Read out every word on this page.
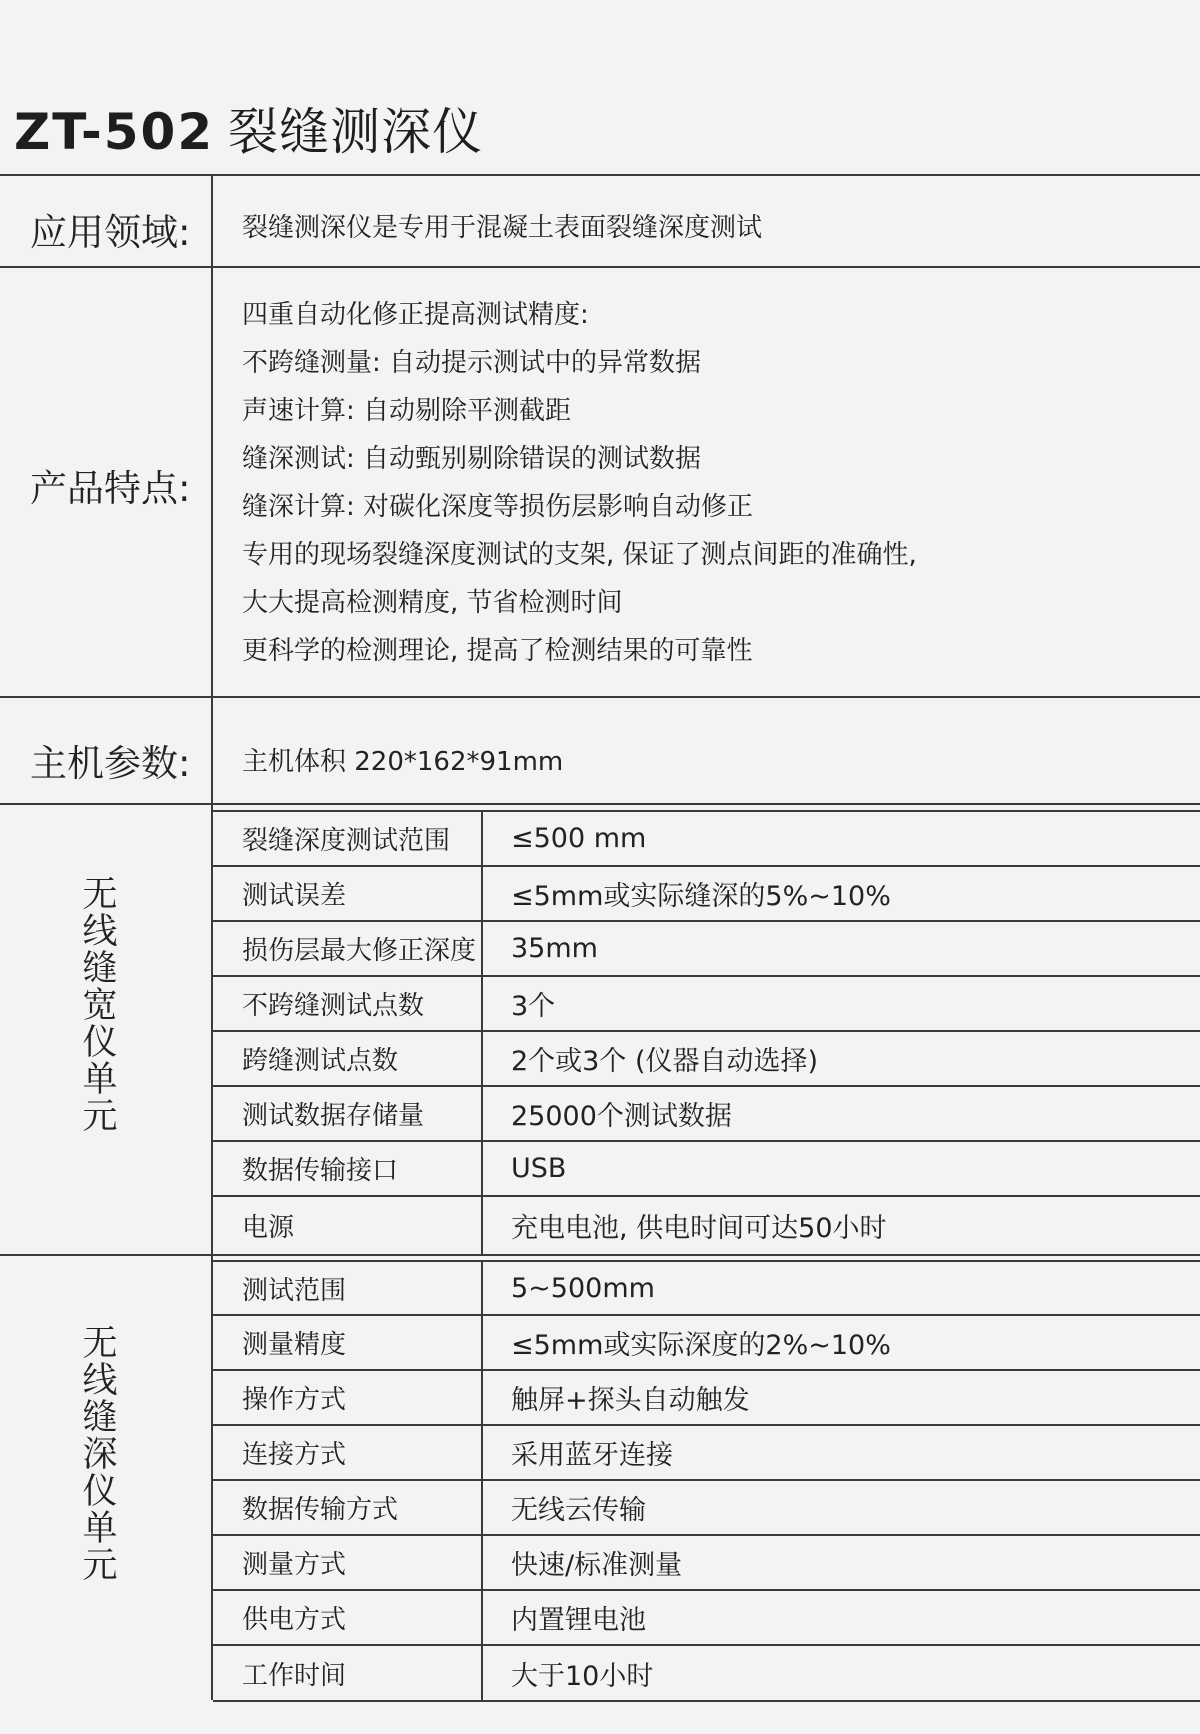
ZT-502 裂缝测深仪
应用领域: 裂缝测深仪是专用于混凝土表面裂缝深度测试
产品特点:
四重自动化修正提高测试精度:
不跨缝测量: 自动提示测试中的异常数据
声速计算: 自动剔除平测截距
缝深测试: 自动甄别剔除错误的测试数据
缝深计算: 对碳化深度等损伤层影响自动修正
专用的现场裂缝深度测试的支架, 保证了测点间距的准确性,
大大提高检测精度, 节省检测时间
更科学的检测理论, 提高了检测结果的可靠性
主机参数: 主机体积 220*162*91mm
无线缝宽仪单元
裂缝深度测试范围	≤500 mm
测试误差	≤5mm或实际缝深的5%~10%
损伤层最大修正深度	35mm
不跨缝测试点数	3个
跨缝测试点数	2个或3个 (仪器自动选择)
测试数据存储量	25000个测试数据
数据传输接口	USB
电源	充电电池, 供电时间可达50小时
无线缝深仪单元
测试范围	5~500mm
测量精度	≤5mm或实际深度的2%~10%
操作方式	触屏+探头自动触发
连接方式	采用蓝牙连接
数据传输方式	无线云传输
测量方式	快速/标准测量
供电方式	内置锂电池
工作时间	大于10小时
